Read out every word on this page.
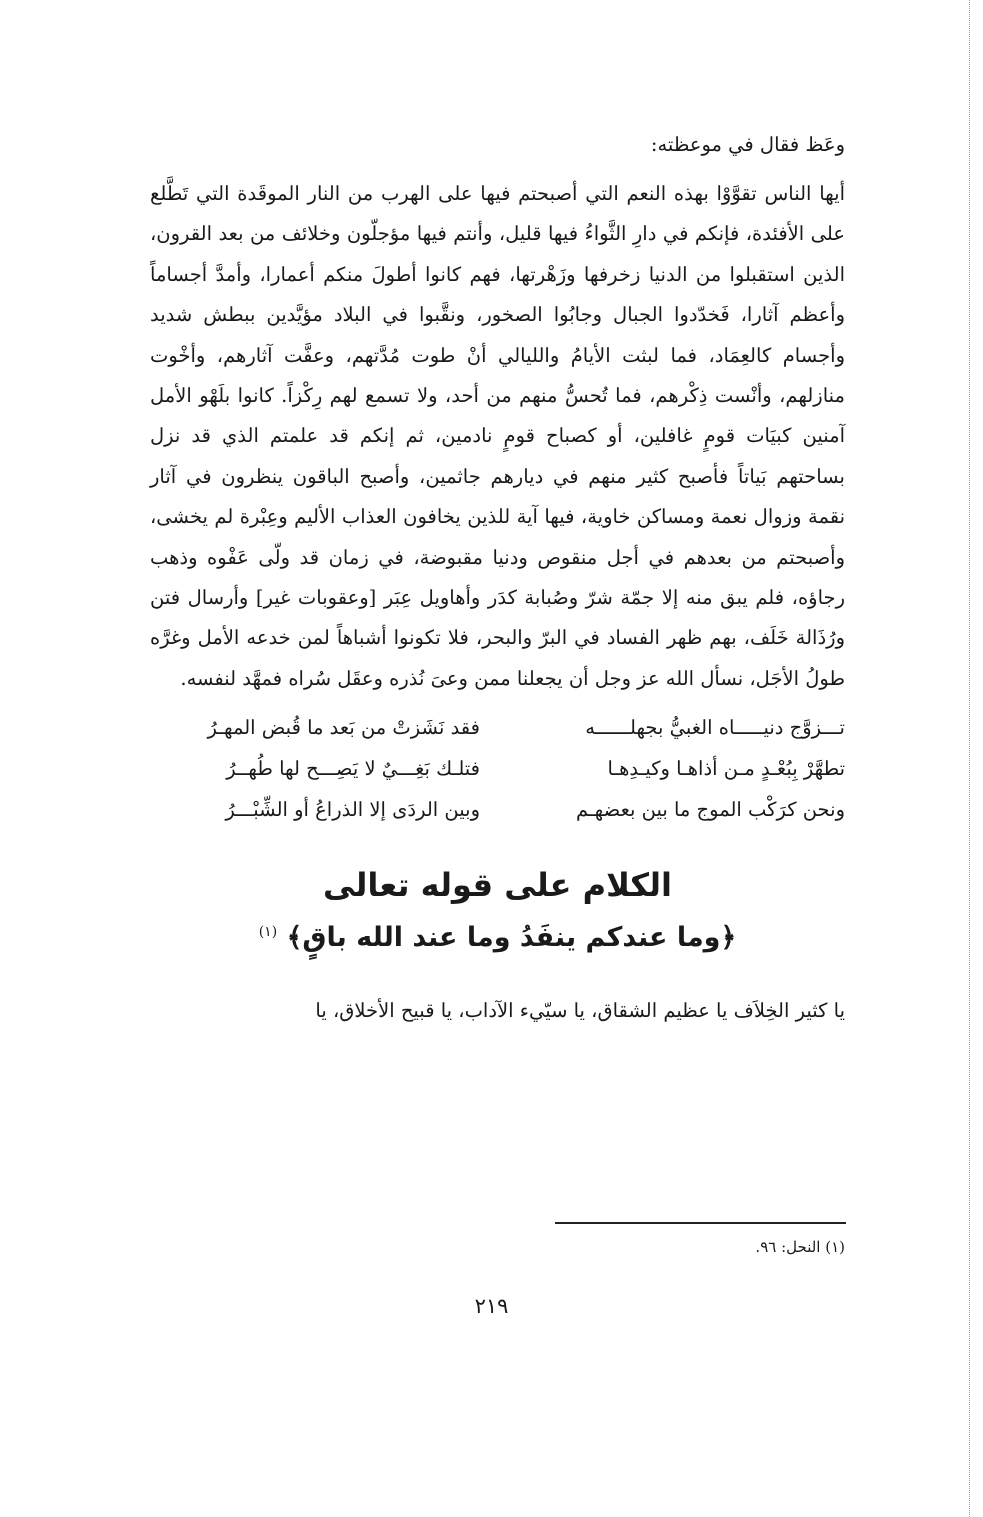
وعَظ فقال في موعظته:

أيها الناس تقوَّوْا بهذه النعم التي أصبحتم فيها على الهرب من النار الموقَدة التي تَطَّلع على الأفئدة، فإنكم في دارِ الثَّواءُ فيها قليل، وأنتم فيها مؤجلّون وخلائف من بعد القرون، الذين استقبلوا من الدنيا زخرفها وزَهْرتها، فهم كانوا أطولَ منكم أعمارا، وأمدَّ أجساماً وأعظم آثارا، فَخدّدوا الجبال وجابُوا الصخور، ونقَّبوا في البلاد مؤيَّدين ببطش شديد وأجسام كالعِمَاد، فما لبثت الأيامُ والليالي أنْ طوت مُدَّتهم، وعفَّت آثارهم، وأخْوت منازلهم، وأنْست ذِكْرهم، فما تُحسُّ منهم من أحد، ولا تسمع لهم رِكْزاً. كانوا بلَهْو الأمل آمنين كبيَات قومٍ غافلين، أو كصباح قومٍ نادمين، ثم إنكم قد علمتم الذي قد نزل بساحتهم بَياتاً فأصبح كثير منهم في ديارهم جاثمين، وأصبح الباقون ينظرون في آثار نقمة وزوال نعمة ومساكن خاوية، فيها آية للذين يخافون العذاب الأليم وعِبْرة لم يخشى، وأصبحتم من بعدهم في أجل منقوص ودنيا مقبوضة، في زمان قد ولّى عَفْوه وذهب رجاؤه، فلم يبق منه إلا جمّة شرّ وصُبابة كدَر وأهاويل عِبَر [وعقوبات غير] وأرسال فتن ورُذَالة خَلَف، بهم ظهر الفساد في البرّ والبحر، فلا تكونوا أشباهاً لمن خدعه الأمل وغرَّه طولُ الأجَل، نسأل الله عز وجل أن يجعلنا ممن وعىَ نُذره وعقَل سُراه فمهَّد لنفسه.

تـــزوَّج دنيـــــاه الغبيُّ بجهلــــــه
فقد نَشَزتْ من بَعد ما قُبض المهـرُ
تطهَّرْ بِبُعْـدٍ مـن أذاهـا وكيـدِهـا
فتلـك بَغِـــيٌ لا يَصِـــح لها طُهــرُ
ونحن كرَكْب الموج ما بين بعضهـم
وبين الردَى إلا الذراعُ أو الشِّبْـــرُ
الكلام على قوله تعالى
﴿وما عندكم ينفَدُ وما عند الله باقٍ﴾ $^{(١)}$

يا كثير الخِلاَف يا عظيم الشقاق، يا سيّيء الآداب، يا قبيح الأخلاق، يا

(١) النحل: ٩٦.
٢١٩
